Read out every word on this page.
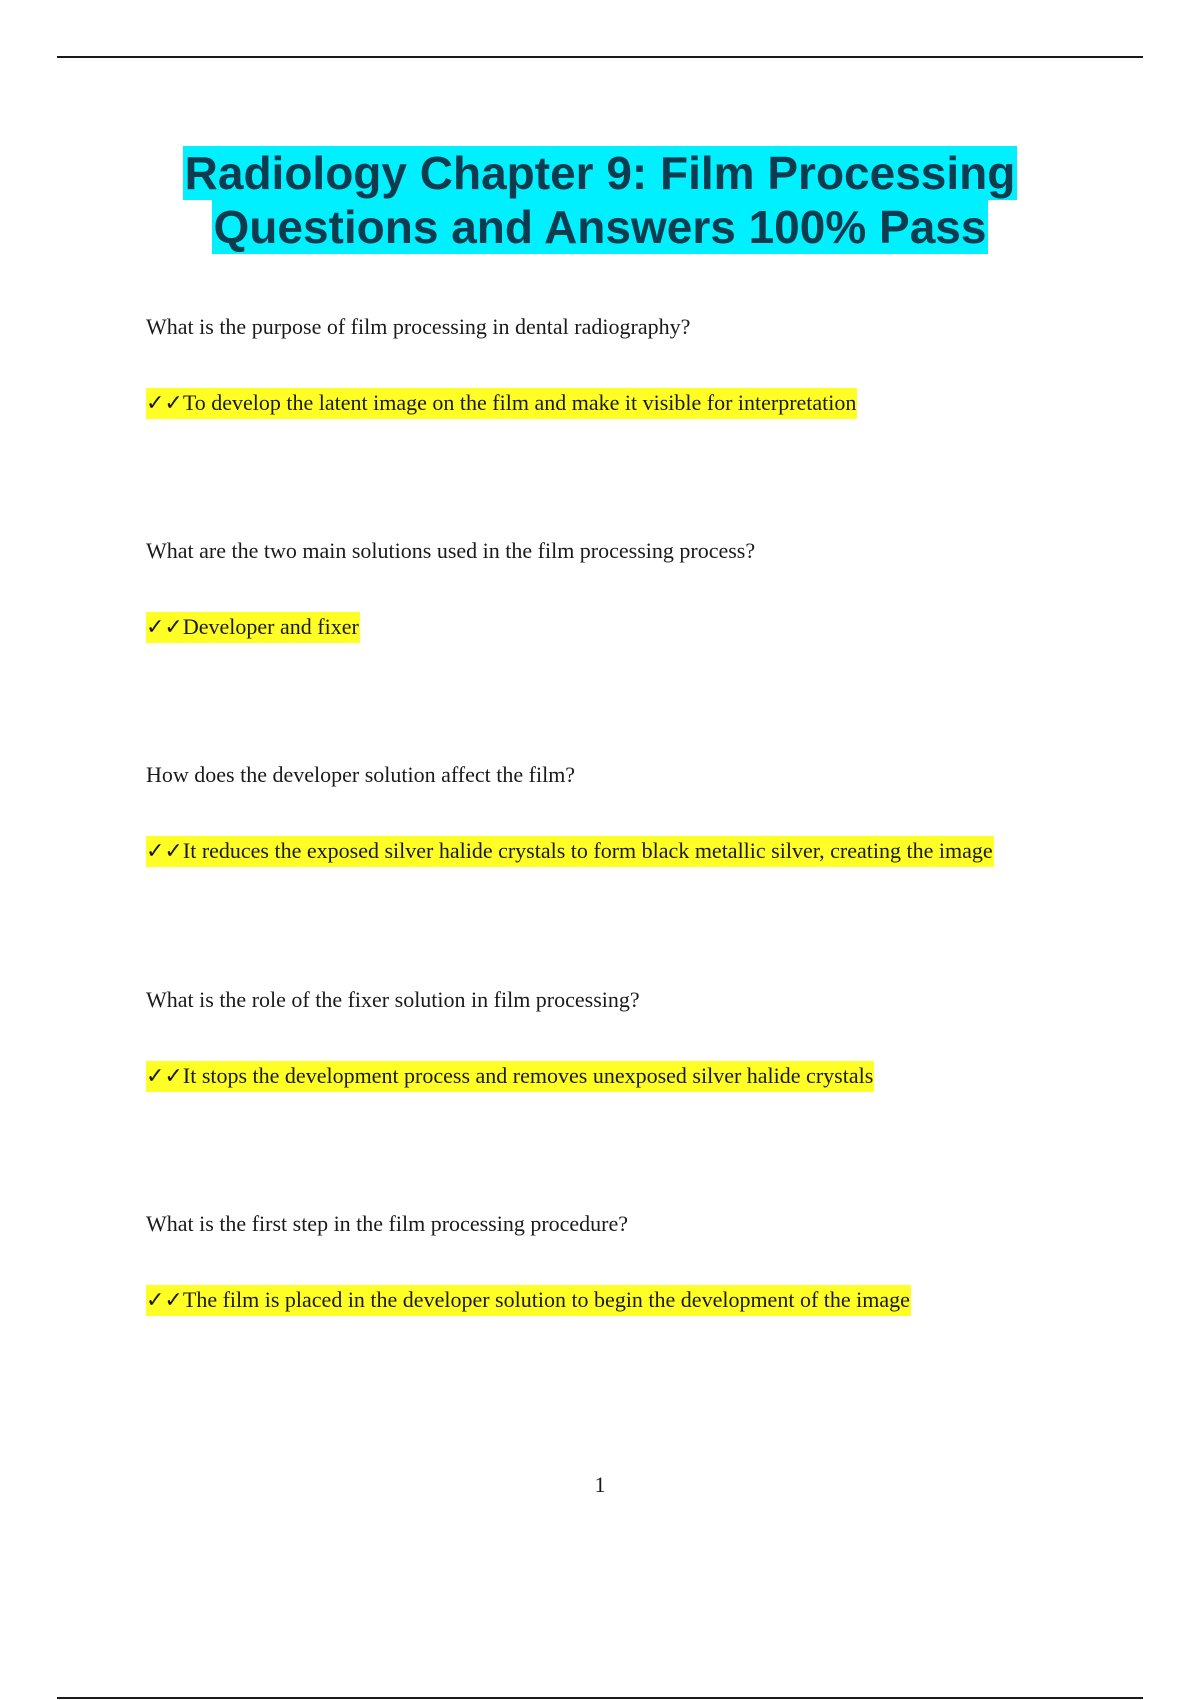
Radiology Chapter 9: Film Processing
Questions and Answers 100% Pass

What is the purpose of film processing in dental radiography?

✓✓To develop the latent image on the film and make it visible for interpretation

What are the two main solutions used in the film processing process?

✓✓Developer and fixer

How does the developer solution affect the film?

✓✓It reduces the exposed silver halide crystals to form black metallic silver, creating the image

What is the role of the fixer solution in film processing?

✓✓It stops the development process and removes unexposed silver halide crystals

What is the first step in the film processing procedure?

✓✓The film is placed in the developer solution to begin the development of the image
1
